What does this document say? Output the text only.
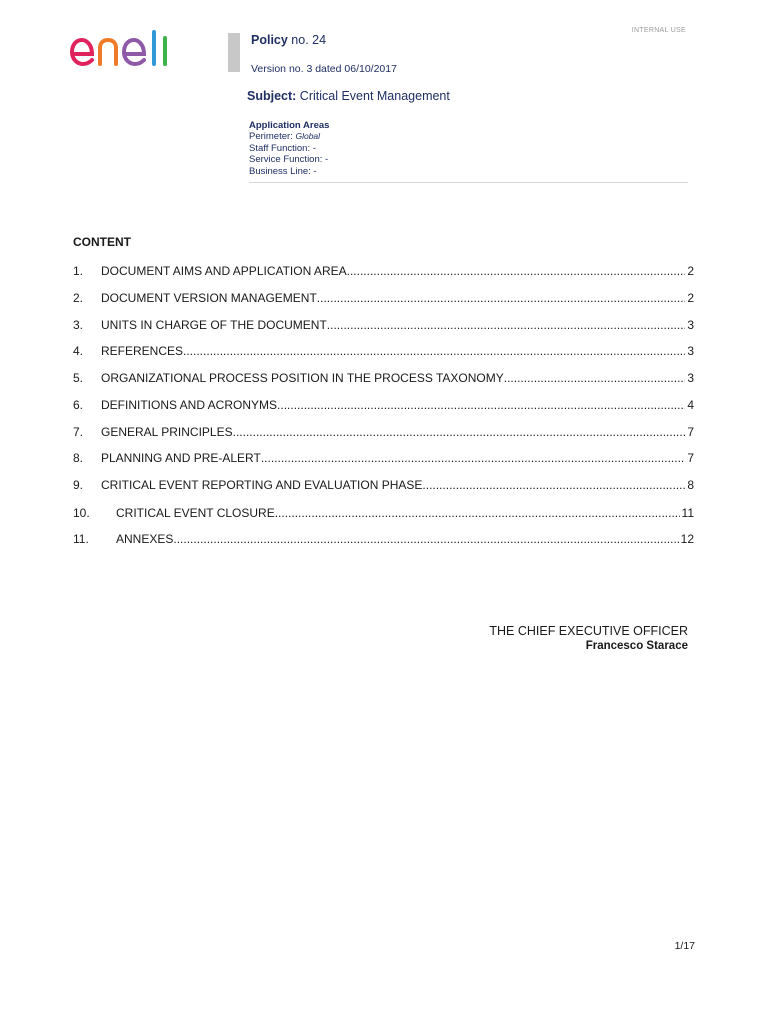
INTERNAL USE
Policy no. 24
Version no. 3 dated 06/10/2017
Subject: Critical Event Management
Application Areas
Perimeter: Global
Staff Function: -
Service Function: -
Business Line: -
CONTENT
1.	DOCUMENT AIMS AND APPLICATION AREA .....	2
2.	DOCUMENT VERSION MANAGEMENT .....	2
3.	UNITS IN CHARGE OF THE DOCUMENT .....	3
4.	REFERENCES .....	3
5.	ORGANIZATIONAL PROCESS POSITION IN THE PROCESS TAXONOMY .....	3
6.	DEFINITIONS AND ACRONYMS .....	4
7.	GENERAL PRINCIPLES .....	7
8.	PLANNING AND PRE-ALERT .....	7
9.	CRITICAL EVENT REPORTING AND EVALUATION PHASE .....	8
10.	CRITICAL EVENT CLOSURE .....	11
11.	ANNEXES .....	12
THE CHIEF EXECUTIVE OFFICER
Francesco Starace
1/17
